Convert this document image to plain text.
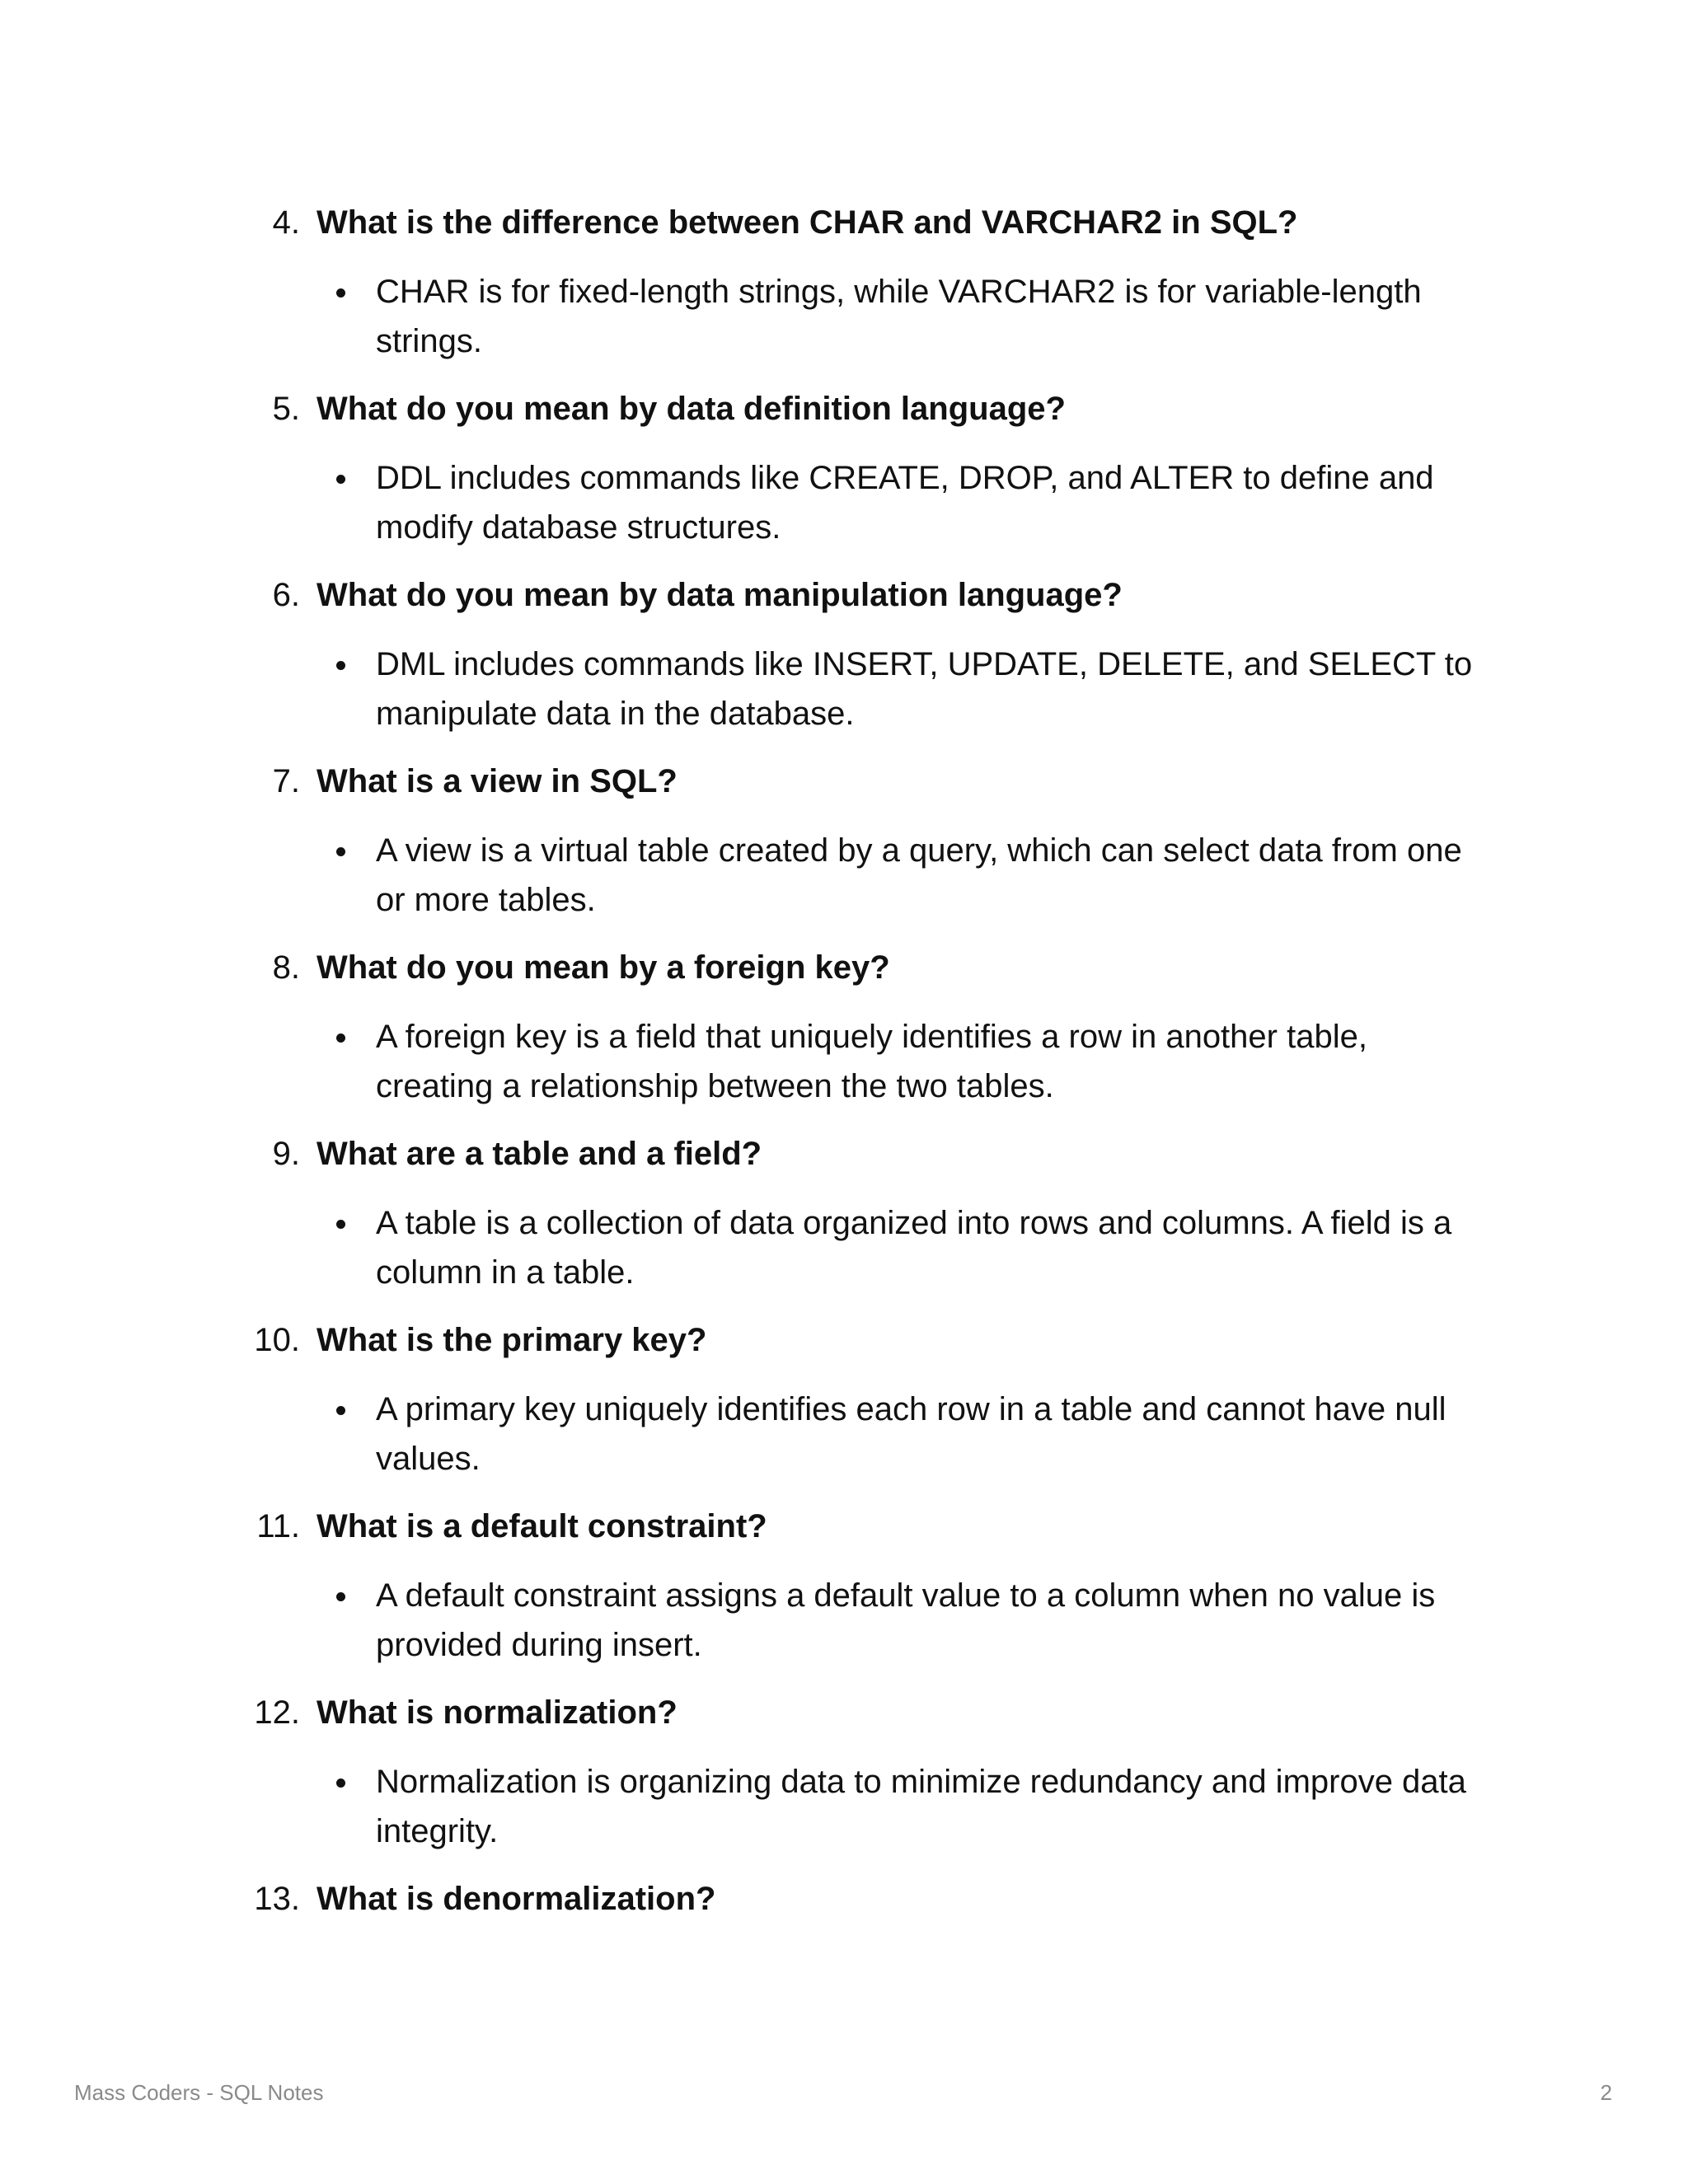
4. What is the difference between CHAR and VARCHAR2 in SQL?
CHAR is for fixed-length strings, while VARCHAR2 is for variable-length strings.
5. What do you mean by data definition language?
DDL includes commands like CREATE, DROP, and ALTER to define and modify database structures.
6. What do you mean by data manipulation language?
DML includes commands like INSERT, UPDATE, DELETE, and SELECT to manipulate data in the database.
7. What is a view in SQL?
A view is a virtual table created by a query, which can select data from one or more tables.
8. What do you mean by a foreign key?
A foreign key is a field that uniquely identifies a row in another table, creating a relationship between the two tables.
9. What are a table and a field?
A table is a collection of data organized into rows and columns. A field is a column in a table.
10. What is the primary key?
A primary key uniquely identifies each row in a table and cannot have null values.
11. What is a default constraint?
A default constraint assigns a default value to a column when no value is provided during insert.
12. What is normalization?
Normalization is organizing data to minimize redundancy and improve data integrity.
13. What is denormalization?
Mass Coders - SQL Notes	2
